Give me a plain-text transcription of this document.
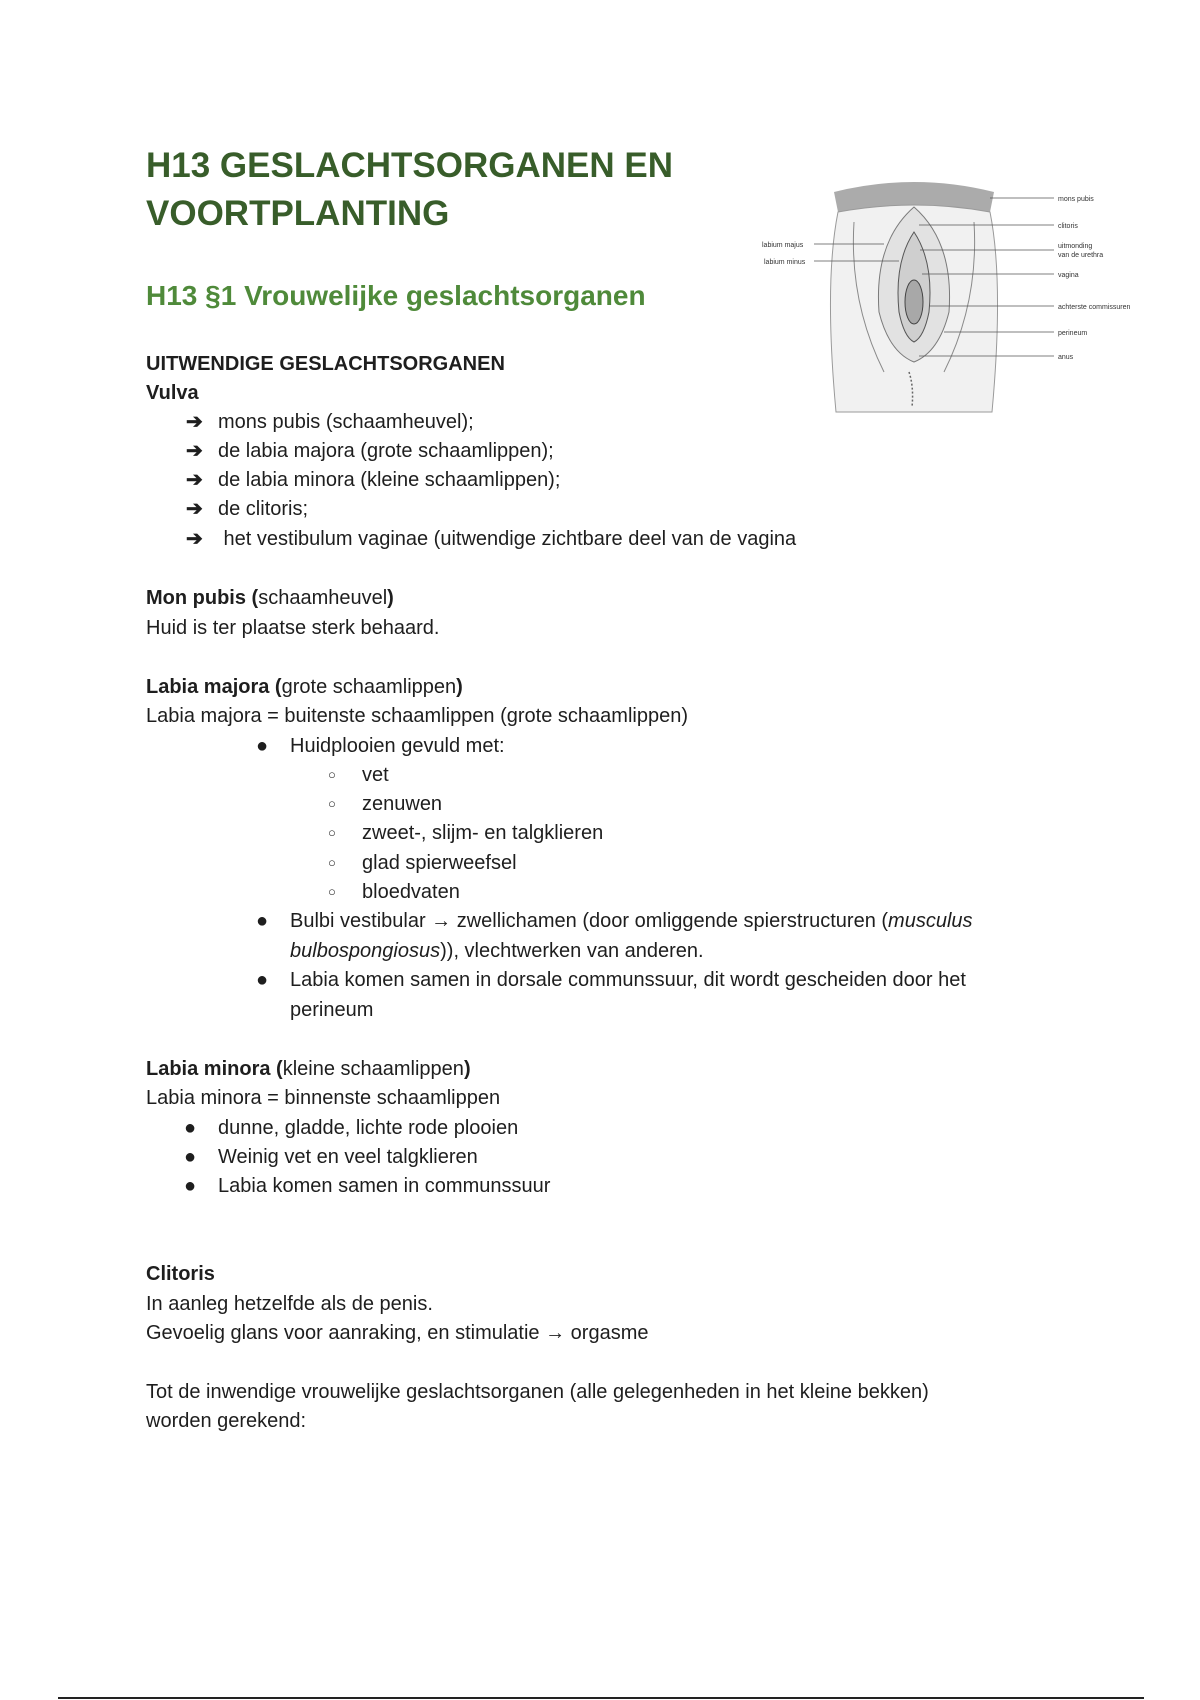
H13 GESLACHTSORGANEN EN VOORTPLANTING
H13 §1 Vrouwelijke geslachtsorganen
labium majus
labium minus
mons pubis
clitoris
uitmonding
van de urethra
vagina
achterste commissuren
perineum
anus
UITWENDIGE GESLACHTSORGANEN
Vulva
➔ mons pubis (schaamheuvel);
➔ de labia majora (grote schaamlippen);
➔ de labia minora (kleine schaamlippen);
➔ de clitoris;
➔ het vestibulum vaginae (uitwendige zichtbare deel van de vagina
Mon pubis (schaamheuvel)
Huid is ter plaatse sterk behaard.
Labia majora (grote schaamlippen)
Labia majora = buitenste schaamlippen (grote schaamlippen)
● Huidplooien gevuld met:
○ vet
○ zenuwen
○ zweet-, slijm- en talgklieren
○ glad spierweefsel
○ bloedvaten
● Bulbi vestibular → zwellichamen (door omliggende spierstructuren (musculus
bulbospongiosus)), vlechtwerken van anderen.
● Labia komen samen in dorsale communssuur, dit wordt gescheiden door het
perineum
Labia minora (kleine schaamlippen)
Labia minora = binnenste schaamlippen
● dunne, gladde, lichte rode plooien
● Weinig vet en veel talgklieren
● Labia komen samen in communssuur
Clitoris
In aanleg hetzelfde als de penis.
Gevoelig glans voor aanraking, en stimulatie → orgasme
Tot de inwendige vrouwelijke geslachtsorganen (alle gelegenheden in het kleine bekken)
worden gerekend:
